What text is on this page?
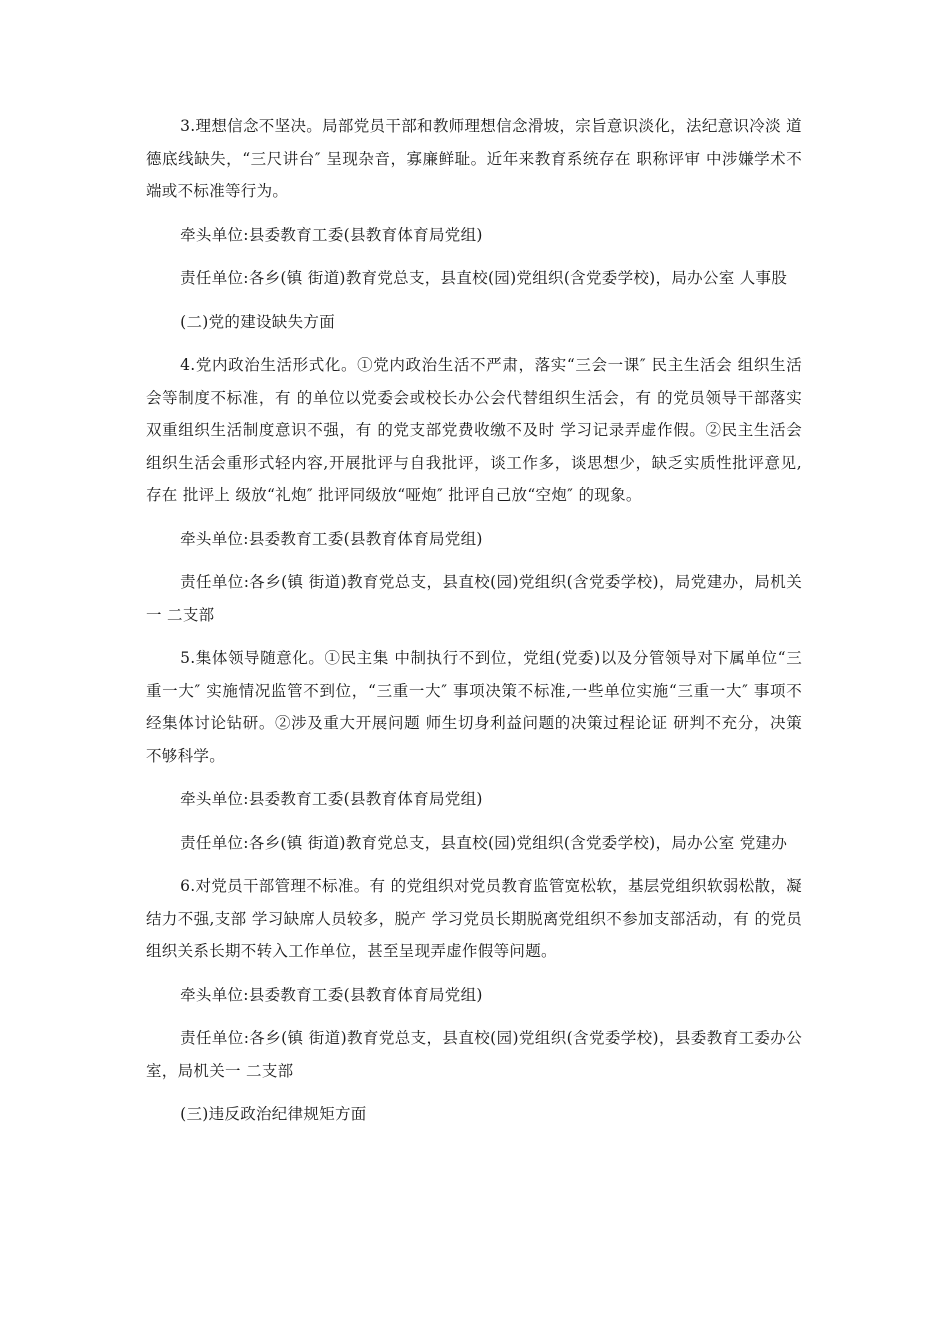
3.理想信念不坚决。局部党员干部和教师理想信念滑坡，宗旨意识淡化，法纪意识冷淡 道德底线缺失，“三尺讲台″ 呈现杂音，寡廉鲜耻。近年来教育系统存在 职称评审 中涉嫌学术不端或不标准等行为。

牵头单位:县委教育工委(县教育体育局党组)

责任单位:各乡(镇 街道)教育党总支，县直校(园)党组织(含党委学校)，局办公室 人事股

(二)党的建设缺失方面

4.党内政治生活形式化。①党内政治生活不严肃，落实“三会一课″ 民主生活会 组织生活会等制度不标准，有 的单位以党委会或校长办公会代替组织生活会，有 的党员领导干部落实双重组织生活制度意识不强，有 的党支部党费收缴不及时 学习记录弄虚作假。②民主生活会 组织生活会重形式轻内容,开展批评与自我批评，谈工作多，谈思想少，缺乏实质性批评意见,存在 批评上 级放“礼炮″ 批评同级放“哑炮″ 批评自己放“空炮″ 的现象。

牵头单位:县委教育工委(县教育体育局党组)

责任单位:各乡(镇 街道)教育党总支，县直校(园)党组织(含党委学校)，局党建办，局机关一 二支部

5.集体领导随意化。①民主集 中制执行不到位，党组(党委)以及分管领导对下属单位“三重一大″ 实施情况监管不到位，“三重一大″ 事项决策不标准,一些单位实施“三重一大″ 事项不经集体讨论钻研。②涉及重大开展问题 师生切身利益问题的决策过程论证 研判不充分，决策不够科学。

牵头单位:县委教育工委(县教育体育局党组)

责任单位:各乡(镇 街道)教育党总支，县直校(园)党组织(含党委学校)，局办公室 党建办

6.对党员干部管理不标准。有 的党组织对党员教育监管宽松软，基层党组织软弱松散，凝结力不强,支部 学习缺席人员较多，脱产 学习党员长期脱离党组织不参加支部活动，有 的党员组织关系长期不转入工作单位，甚至呈现弄虚作假等问题。

牵头单位:县委教育工委(县教育体育局党组)

责任单位:各乡(镇 街道)教育党总支，县直校(园)党组织(含党委学校)，县委教育工委办公室，局机关一 二支部

(三)违反政治纪律规矩方面
